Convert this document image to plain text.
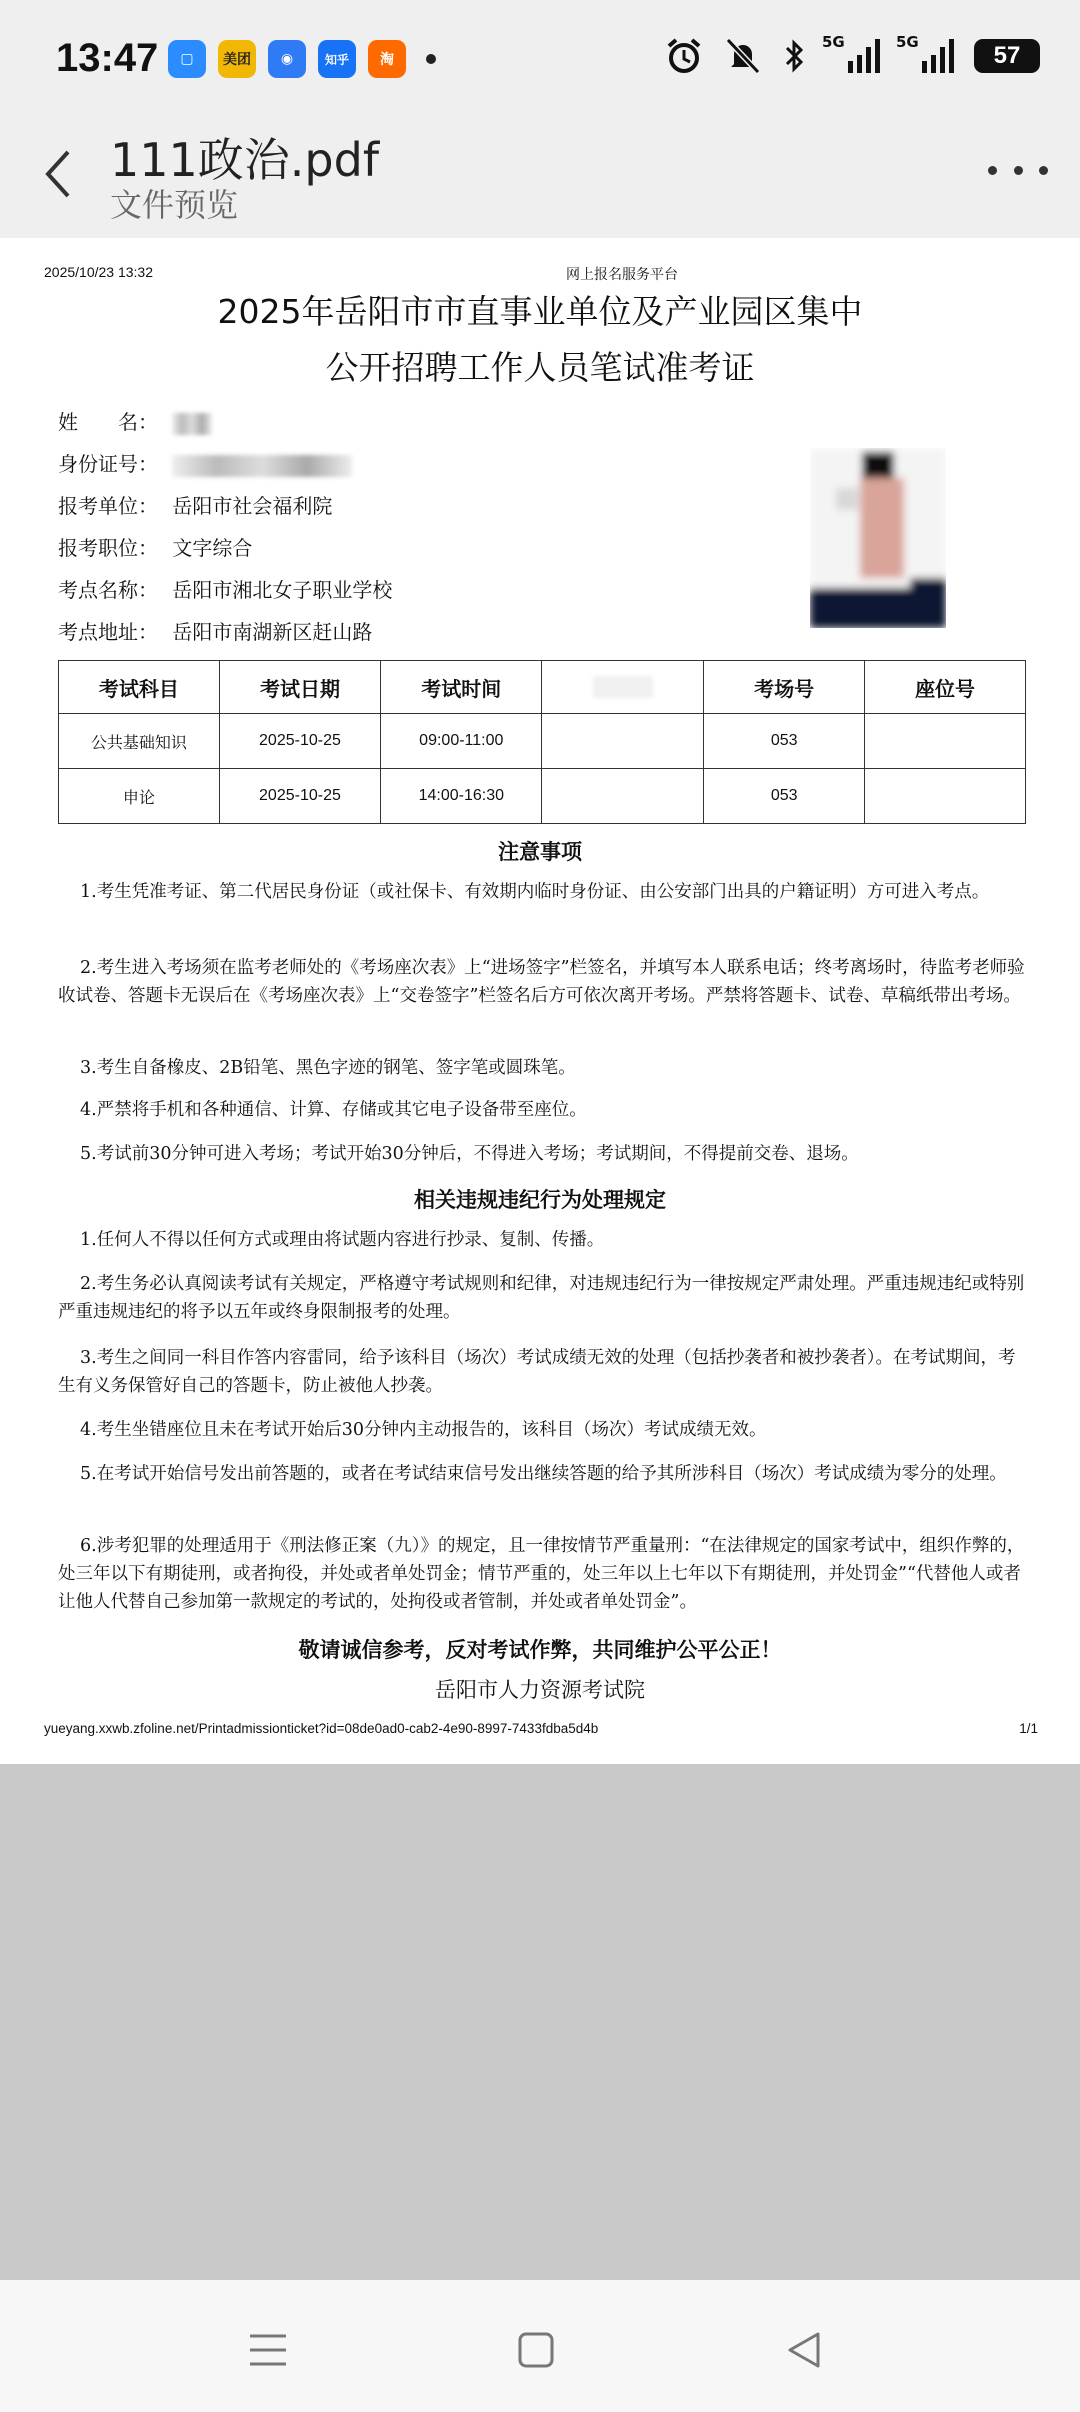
13:47	▢	美团	◉	知乎	淘
5G	5G	57
111政治.pdf
文件预览
2025/10/23 13:32	网上报名服务平台
2025年岳阳市市直事业单位及产业园区集中
公开招聘工作人员笔试准考证
姓　　名：
身份证号：
报考单位： 岳阳市社会福利院
报考职位： 文字综合
考点名称： 岳阳市湘北女子职业学校
考点地址： 岳阳市南湖新区赶山路
考试科目	考试日期	考试时间		考场号	座位号
公共基础知识	2025-10-25	09:00-11:00		053	
申论	2025-10-25	14:00-16:30		053	
注意事项
1.考生凭准考证、第二代居民身份证（或社保卡、有效期内临时身份证、由公安部门出具的户籍证明）方可进入考点。
2.考生进入考场须在监考老师处的《考场座次表》上“进场签字”栏签名，并填写本人联系电话；终考离场时，待监考老师验收试卷、答题卡无误后在《考场座次表》上“交卷签字”栏签名后方可依次离开考场。严禁将答题卡、试卷、草稿纸带出考场。
3.考生自备橡皮、2B铅笔、黑色字迹的钢笔、签字笔或圆珠笔。
4.严禁将手机和各种通信、计算、存储或其它电子设备带至座位。
5.考试前30分钟可进入考场；考试开始30分钟后，不得进入考场；考试期间，不得提前交卷、退场。
相关违规违纪行为处理规定
1.任何人不得以任何方式或理由将试题内容进行抄录、复制、传播。
2.考生务必认真阅读考试有关规定，严格遵守考试规则和纪律，对违规违纪行为一律按规定严肃处理。严重违规违纪或特别严重违规违纪的将予以五年或终身限制报考的处理。
3.考生之间同一科目作答内容雷同，给予该科目（场次）考试成绩无效的处理（包括抄袭者和被抄袭者）。在考试期间，考生有义务保管好自己的答题卡，防止被他人抄袭。
4.考生坐错座位且未在考试开始后30分钟内主动报告的，该科目（场次）考试成绩无效。
5.在考试开始信号发出前答题的，或者在考试结束信号发出继续答题的给予其所涉科目（场次）考试成绩为零分的处理。
6.涉考犯罪的处理适用于《刑法修正案（九）》的规定，且一律按情节严重量刑：“在法律规定的国家考试中，组织作弊的，处三年以下有期徒刑，或者拘役，并处或者单处罚金；情节严重的，处三年以上七年以下有期徒刑，并处罚金”“代替他人或者让他人代替自己参加第一款规定的考试的，处拘役或者管制，并处或者单处罚金”。
敬请诚信参考，反对考试作弊，共同维护公平公正！
岳阳市人力资源考试院
yueyang.xxwb.zfoline.net/Printadmissionticket?id=08de0ad0-cab2-4e90-8997-7433fdba5d4b	1/1
